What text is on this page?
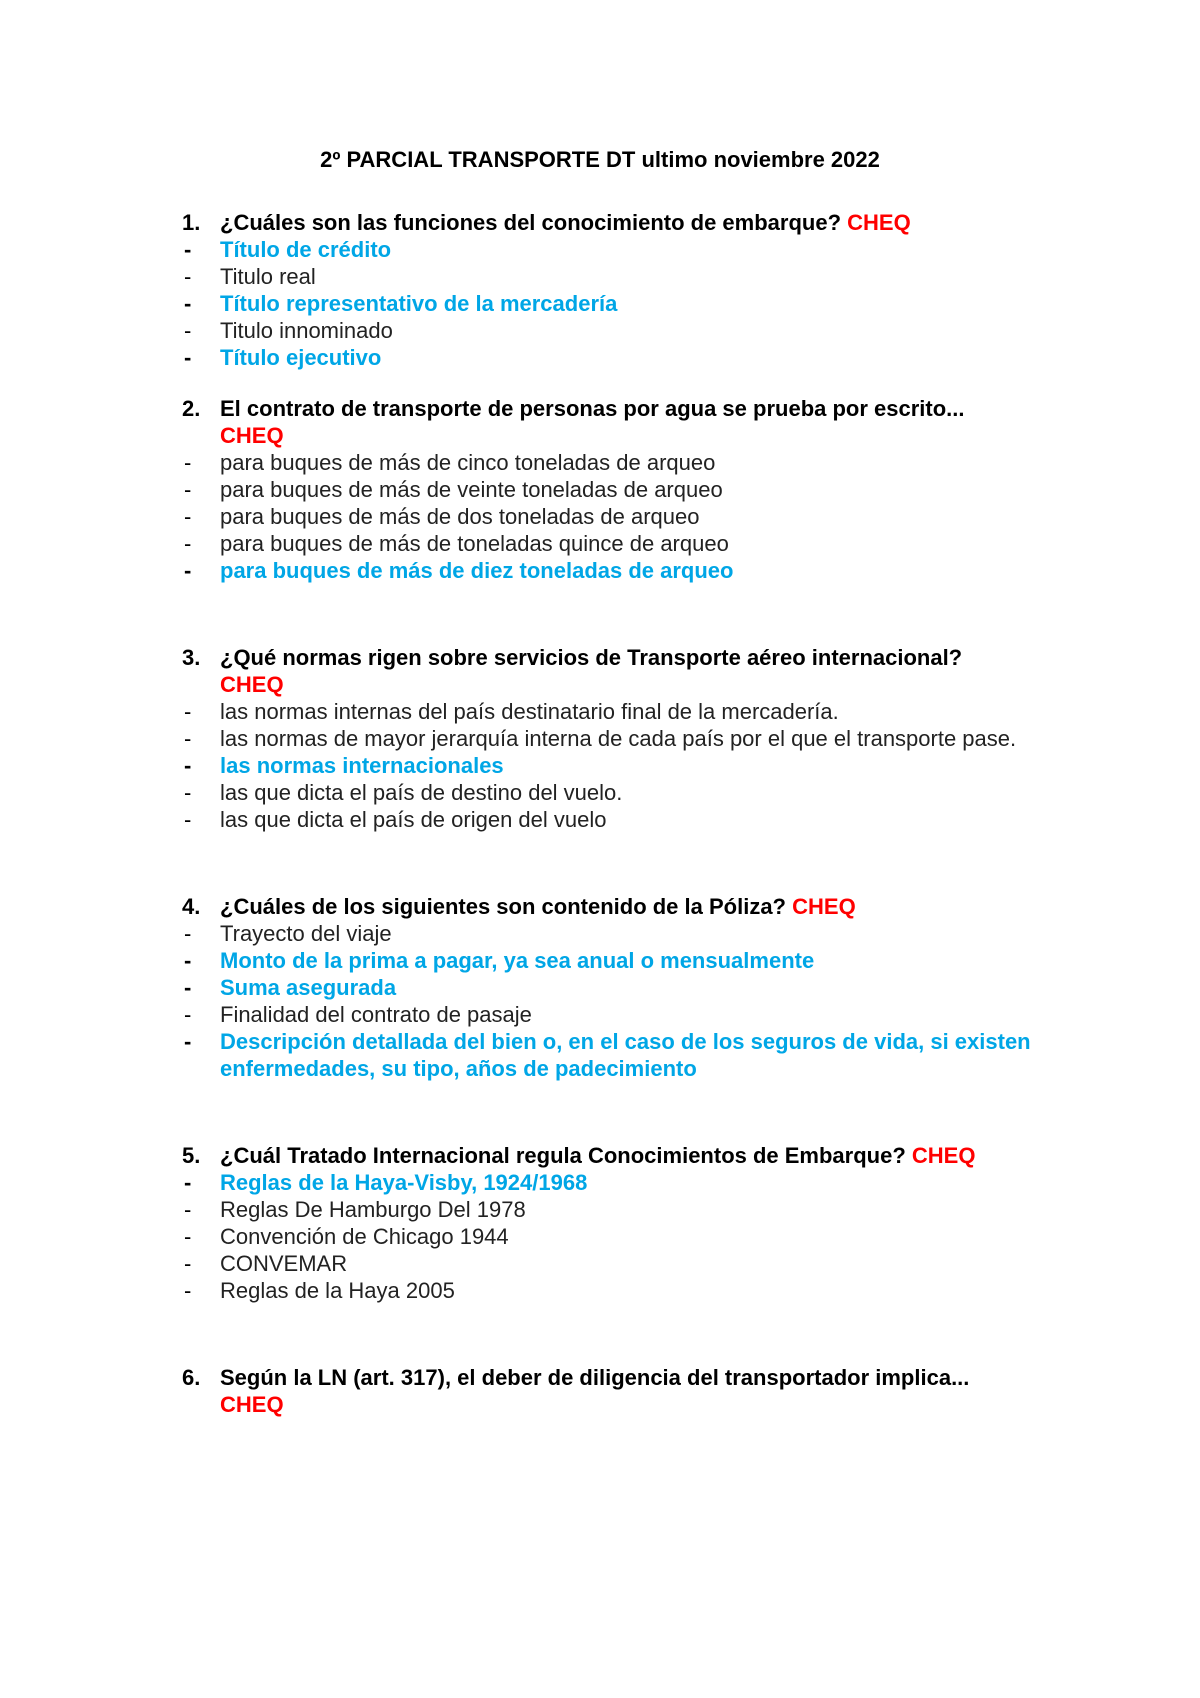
2º PARCIAL TRANSPORTE DT ultimo noviembre 2022
1. ¿Cuáles son las funciones del conocimiento de embarque? CHEQ
-	Título de crédito
-	Titulo real
-	Título representativo de la mercadería
-	Titulo innominado
-	Título ejecutivo
2. El contrato de transporte de personas por agua se prueba por escrito...
CHEQ
-	para buques de más de cinco toneladas de arqueo
-	para buques de más de veinte toneladas de arqueo
-	para buques de más de dos toneladas de arqueo
-	para buques de más de toneladas quince de arqueo
-	para buques de más de diez toneladas de arqueo
3. ¿Qué normas rigen sobre servicios de Transporte aéreo internacional?
CHEQ
-	las normas internas del país destinatario final de la mercadería.
-	las normas de mayor jerarquía interna de cada país por el que el transporte pase.
-	las normas internacionales
-	las que dicta el país de destino del vuelo.
-	las que dicta el país de origen del vuelo
4. ¿Cuáles de los siguientes son contenido de la Póliza? CHEQ
-	Trayecto del viaje
-	Monto de la prima a pagar, ya sea anual o mensualmente
-	Suma asegurada
-	Finalidad del contrato de pasaje
-	Descripción detallada del bien o, en el caso de los seguros de vida, si existen enfermedades, su tipo, años de padecimiento
5. ¿Cuál Tratado Internacional regula Conocimientos de Embarque? CHEQ
-	Reglas de la Haya-Visby, 1924/1968
-	Reglas De Hamburgo Del 1978
-	Convención de Chicago 1944
-	CONVEMAR
-	Reglas de la Haya 2005
6. Según la LN (art. 317), el deber de diligencia del transportador implica...
CHEQ
